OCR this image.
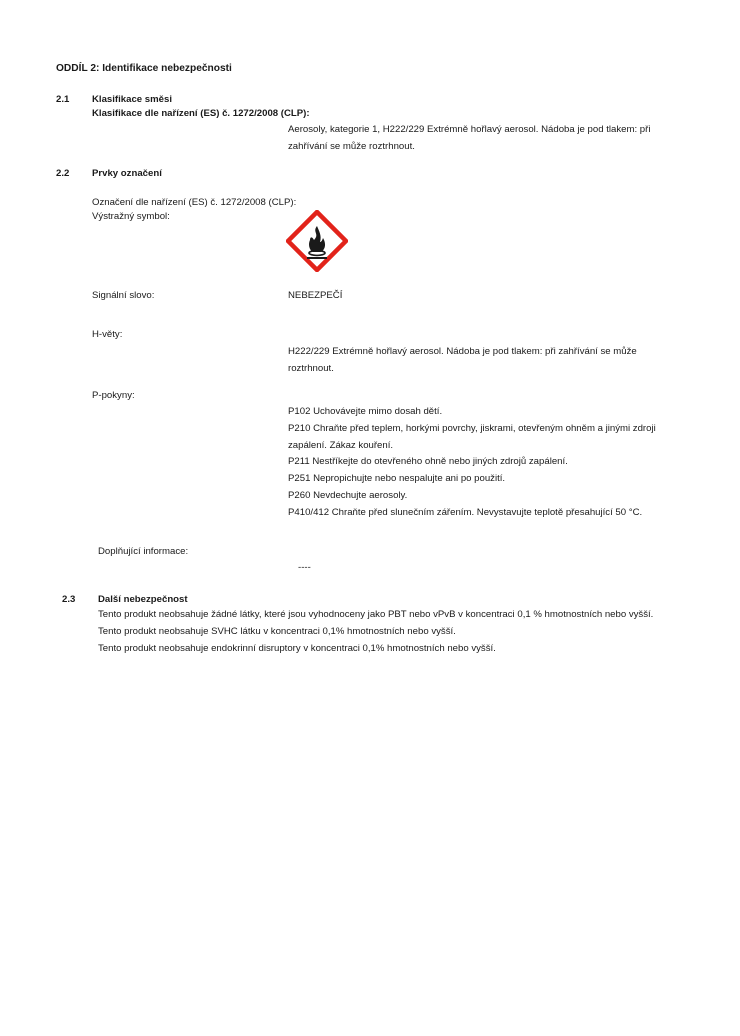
ODDÍL 2: Identifikace nebezpečnosti
2.1 Klasifikace směsi
Klasifikace dle nařízení (ES) č. 1272/2008 (CLP):
Aerosoly, kategorie 1, H222/229 Extrémně hořlavý aerosol. Nádoba je pod tlakem: při zahřívání se může roztrhnout.
2.2 Prvky označení
Označení dle nařízení (ES) č. 1272/2008 (CLP):
Výstražný symbol:
Signální slovo:	NEBEZPEČÍ
H-věty:
H222/229 Extrémně hořlavý aerosol. Nádoba je pod tlakem: při zahřívání se může roztrhnout.
P-pokyny:
P102 Uchovávejte mimo dosah dětí.
P210 Chraňte před teplem, horkými povrchy, jiskrami, otevřeným ohněm a jinými zdroji zapálení. Zákaz kouření.
P211 Nestříkejte do otevřeného ohně nebo jiných zdrojů zapálení.
P251 Nepropichujte nebo nespalujte ani po použití.
P260 Nevdechujte aerosoly.
P410/412 Chraňte před slunečním zářením. Nevystavujte teplotě přesahující 50 °C.
Doplňující informace:
----
2.3 Další nebezpečnost
Tento produkt neobsahuje žádné látky, které jsou vyhodnoceny jako PBT nebo vPvB v koncentraci 0,1 % hmotnostních nebo vyšší.
Tento produkt neobsahuje SVHC látku v koncentraci 0,1% hmotnostních nebo vyšší.
Tento produkt neobsahuje endokrinní disruptory v koncentraci 0,1% hmotnostních nebo vyšší.
